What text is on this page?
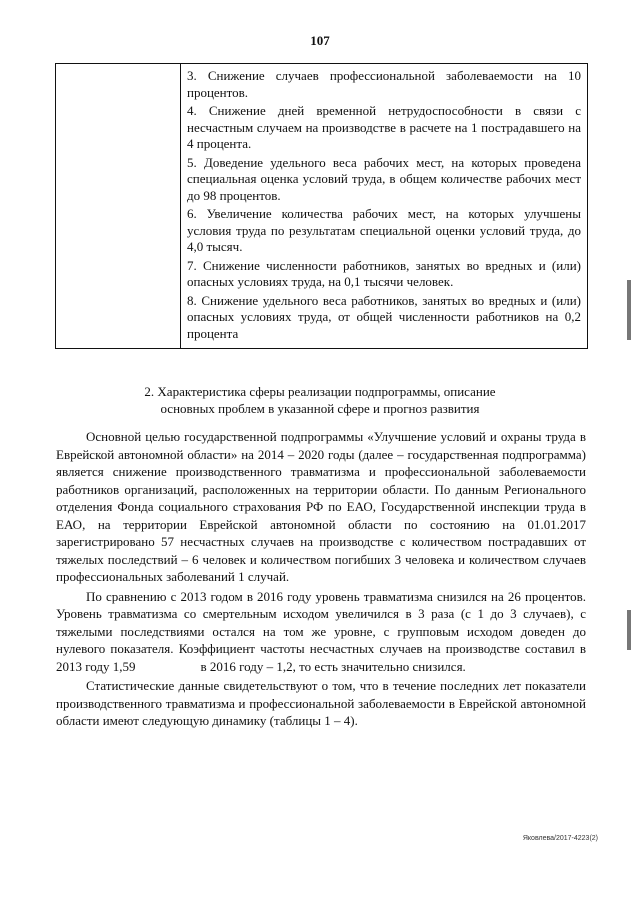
107

3. Снижение случаев профессиональной заболеваемости на 10 процентов.
4. Снижение дней временной нетрудоспособности в связи с несчастным случаем на производстве в расчете на 1 пострадавшего на 4 процента.
5. Доведение удельного веса рабочих мест, на которых проведена специальная оценка условий труда, в общем количестве рабочих мест до 98 процентов.
6. Увеличение количества рабочих мест, на которых улучшены условия труда по результатам специальной оценки условий труда, до 4,0 тысяч.
7. Снижение численности работников, занятых во вредных и (или) опасных условиях труда, на 0,1 тысячи человек.
8. Снижение удельного веса работников, занятых во вредных и (или) опасных условиях труда, от общей численности работников на 0,2 процента
2. Характеристика сферы реализации подпрограммы, описание
основных проблем в указанной сфере и прогноз развития

Основной целью государственной подпрограммы «Улучшение условий и охраны труда в Еврейской автономной области» на 2014 – 2020 годы (далее – государственная подпрограмма) является снижение производственного травматизма и профессиональной заболеваемости работников организаций, расположенных на территории области. По данным Регионального отделения Фонда социального страхования РФ по ЕАО, Государственной инспекции труда в ЕАО, на территории Еврейской автономной области по состоянию на 01.01.2017 зарегистрировано 57 несчастных случаев на производстве с количеством пострадавших от тяжелых последствий – 6 человек и количеством погибших 3 человека и количеством случаев профессиональных заболеваний 1 случай.

По сравнению с 2013 годом в 2016 году уровень травматизма снизился на 26 процентов. Уровень травматизма со смертельным исходом увеличился в 3 раза (с 1 до 3 случаев), с тяжелыми последствиями остался на том же уровне, с групповым исходом доведен до нулевого показателя. Коэффициент частоты несчастных случаев на производстве составил в 2013 году 1,59                    в 2016 году – 1,2, то есть значительно снизился.

Статистические данные свидетельствуют о том, что в течение последних лет показатели производственного травматизма и профессиональной заболеваемости в Еврейской автономной области имеют следующую динамику (таблицы 1 – 4).

Яковлева/2017-4223(2)
